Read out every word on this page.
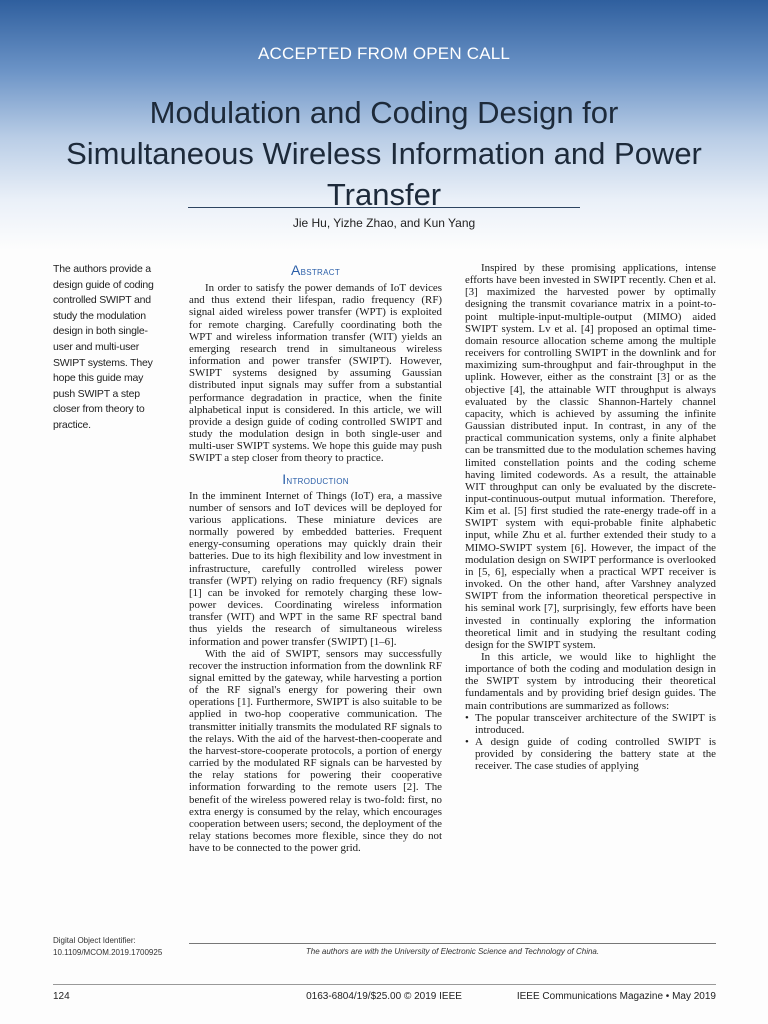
ACCEPTED FROM OPEN CALL
Modulation and Coding Design for Simultaneous Wireless Information and Power Transfer
Jie Hu, Yizhe Zhao, and Kun Yang
The authors provide a design guide of coding controlled SWIPT and study the modulation design in both single-user and multi-user SWIPT systems. They hope this guide may push SWIPT a step closer from theory to practice.
Abstract

In order to satisfy the power demands of IoT devices and thus extend their lifespan, radio frequency (RF) signal aided wireless power transfer (WPT) is exploited for remote charging. Carefully coordinating both the WPT and wireless information transfer (WIT) yields an emerging research trend in simultaneous wireless information and power transfer (SWIPT). However, SWIPT systems designed by assuming Gaussian distributed input signals may suffer from a substantial performance degradation in practice, when the finite alphabetical input is considered. In this article, we will provide a design guide of coding controlled SWIPT and study the modulation design in both single-user and multi-user SWIPT systems. We hope this guide may push SWIPT a step closer from theory to practice.

Introduction

In the imminent Internet of Things (IoT) era, a massive number of sensors and IoT devices will be deployed for various applications. These miniature devices are normally powered by embedded batteries. Frequent energy-consuming operations may quickly drain their batteries. Due to its high flexibility and low investment in infrastructure, carefully controlled wireless power transfer (WPT) relying on radio frequency (RF) signals [1] can be invoked for remotely charging these low-power devices. Coordinating wireless information transfer (WIT) and WPT in the same RF spectral band thus yields the research of simultaneous wireless information and power transfer (SWIPT) [1–6].

With the aid of SWIPT, sensors may successfully recover the instruction information from the downlink RF signal emitted by the gateway, while harvesting a portion of the RF signal's energy for powering their own operations [1]. Furthermore, SWIPT is also suitable to be applied in two-hop cooperative communication. The transmitter initially transmits the modulated RF signals to the relays. With the aid of the harvest-then-cooperate and the harvest-store-cooperate protocols, a portion of energy carried by the modulated RF signals can be harvested by the relay stations for powering their cooperative information forwarding to the remote users [2]. The benefit of the wireless powered relay is two-fold: first, no extra energy is consumed by the relay, which encourages cooperation between users; second, the deployment of the relay stations becomes more flexible, since they do not have to be connected to the power grid.

Inspired by these promising applications, intense efforts have been invested in SWIPT recently. Chen et al. [3] maximized the harvested power by optimally designing the transmit covariance matrix in a point-to-point multiple-input-multiple-output (MIMO) aided SWIPT system. Lv et al. [4] proposed an optimal time-domain resource allocation scheme among the multiple receivers for controlling SWIPT in the downlink and for maximizing sum-throughput and fair-throughput in the uplink. However, either as the constraint [3] or as the objective [4], the attainable WIT throughput is always evaluated by the classic Shannon-Hartely channel capacity, which is achieved by assuming the infinite Gaussian distributed input. In contrast, in any of the practical communication systems, only a finite alphabet can be transmitted due to the modulation schemes having limited constellation points and the coding scheme having limited codewords. As a result, the attainable WIT throughput can only be evaluated by the discrete-input-continuous-output mutual information. Therefore, Kim et al. [5] first studied the rate-energy trade-off in a SWIPT system with equi-probable finite alphabetic input, while Zhu et al. further extended their study to a MIMO-SWIPT system [6]. However, the impact of the modulation design on SWIPT performance is overlooked in [5, 6], especially when a practical WPT receiver is invoked. On the other hand, after Varshney analyzed SWIPT from the information theoretical perspective in his seminal work [7], surprisingly, few efforts have been invested in continually exploring the information theoretical limit and in studying the resultant coding design for the SWIPT system.

In this article, we would like to highlight the importance of both the coding and modulation design in the SWIPT system by introducing their theoretical fundamentals and by providing brief design guides. The main contributions are summarized as follows:

• The popular transceiver architecture of the SWIPT is introduced.
• A design guide of coding controlled SWIPT is provided by considering the battery state at the receiver. The case studies of applying
Digital Object Identifier:
10.1109/MCOM.2019.1700925	The authors are with the University of Electronic Science and Technology of China.
124	0163-6804/19/$25.00 © 2019 IEEE	IEEE Communications Magazine • May 2019
